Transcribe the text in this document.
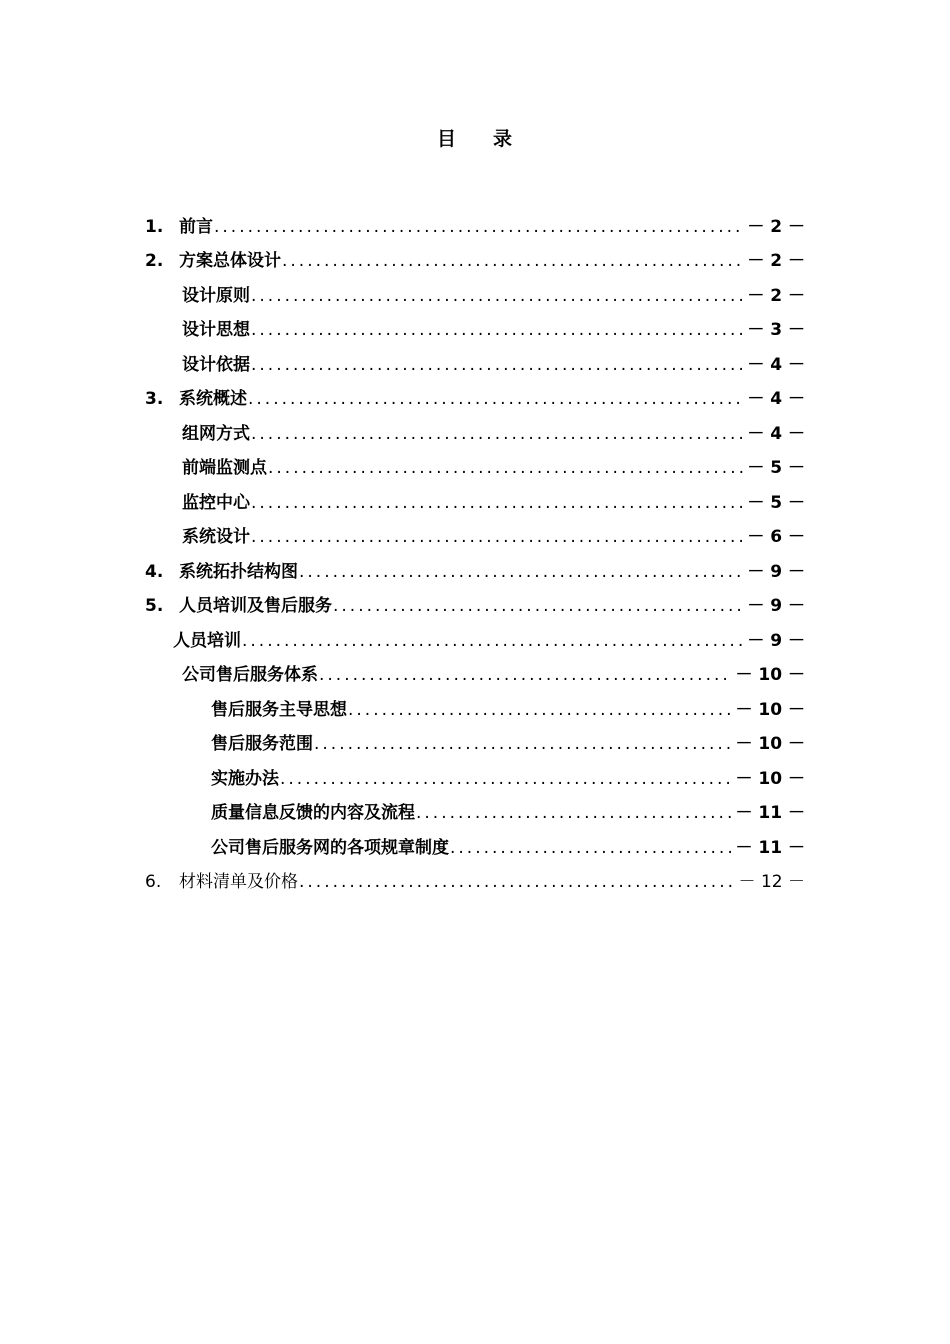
目 录
1. 前言 .....	－ 2 －
2. 方案总体设计 .....	－ 2 －
设计原则 .....	－ 2 －
设计思想 .....	－ 3 －
设计依据 .....	－ 4 －
3. 系统概述 .....	－ 4 －
组网方式 .....	－ 4 －
前端监测点 .....	－ 5 －
监控中心 .....	－ 5 －
系统设计 .....	－ 6 －
4. 系统拓扑结构图 .....	－ 9 －
5. 人员培训及售后服务 .....	－ 9 －
人员培训 .....	－ 9 －
公司售后服务体系 .....	－ 10 －
售后服务主导思想 .....	－ 10 －
售后服务范围 .....	－ 10 －
实施办法 .....	－ 10 －
质量信息反馈的内容及流程 .....	－ 11 －
公司售后服务网的各项规章制度 .....	－ 11 －
6.	材料清单及价格 .....	－ 12 －
